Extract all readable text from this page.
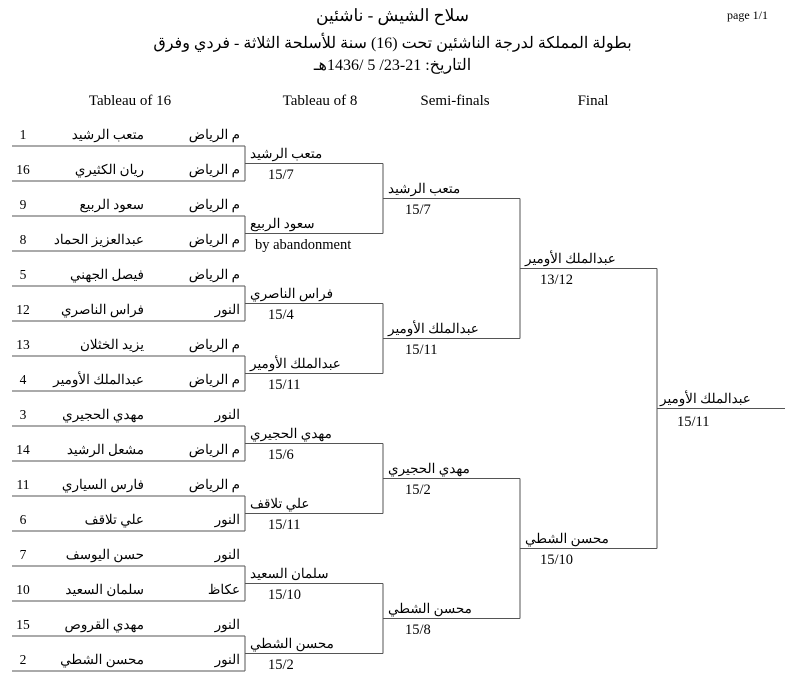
page 1/1
سلاح الشيش - ناشئين
بطولة المملكة لدرجة الناشئين تحت (16) سنة للأسلحة الثلاثة - فردي وفرق
التاريخ: 21-23/ 5 /1436هـ
Tableau of 16	Tableau of 8	Semi-finals	Final
1	متعب الرشيد	م الرياض
16	ريان الكثيري	م الرياض
9	سعود الربيع	م الرياض
8	عبدالعزيز الحماد	م الرياض
5	فيصل الجهني	م الرياض
12	فراس الناصري	النور
13	يزيد الخثلان	م الرياض
4	عبدالملك الأومير	م الرياض
3	مهدي الحجيري	النور
14	مشعل الرشيد	م الرياض
11	فارس السياري	م الرياض
6	علي تلاقف	النور
7	حسن اليوسف	النور
10	سلمان السعيد	عكاظ
15	مهدي القروص	النور
2	محسن الشطي	النور
متعب الرشيد
15/7
سعود الربيع
by abandonment
فراس الناصري
15/4
عبدالملك الأومير
15/11
مهدي الحجيري
15/6
علي تلاقف
15/11
سلمان السعيد
15/10
محسن الشطي
15/2
متعب الرشيد
15/7
عبدالملك الأومير
15/11
مهدي الحجيري
15/2
محسن الشطي
15/8
عبدالملك الأومير
13/12
محسن الشطي
15/10
عبدالملك الأومير
15/11
